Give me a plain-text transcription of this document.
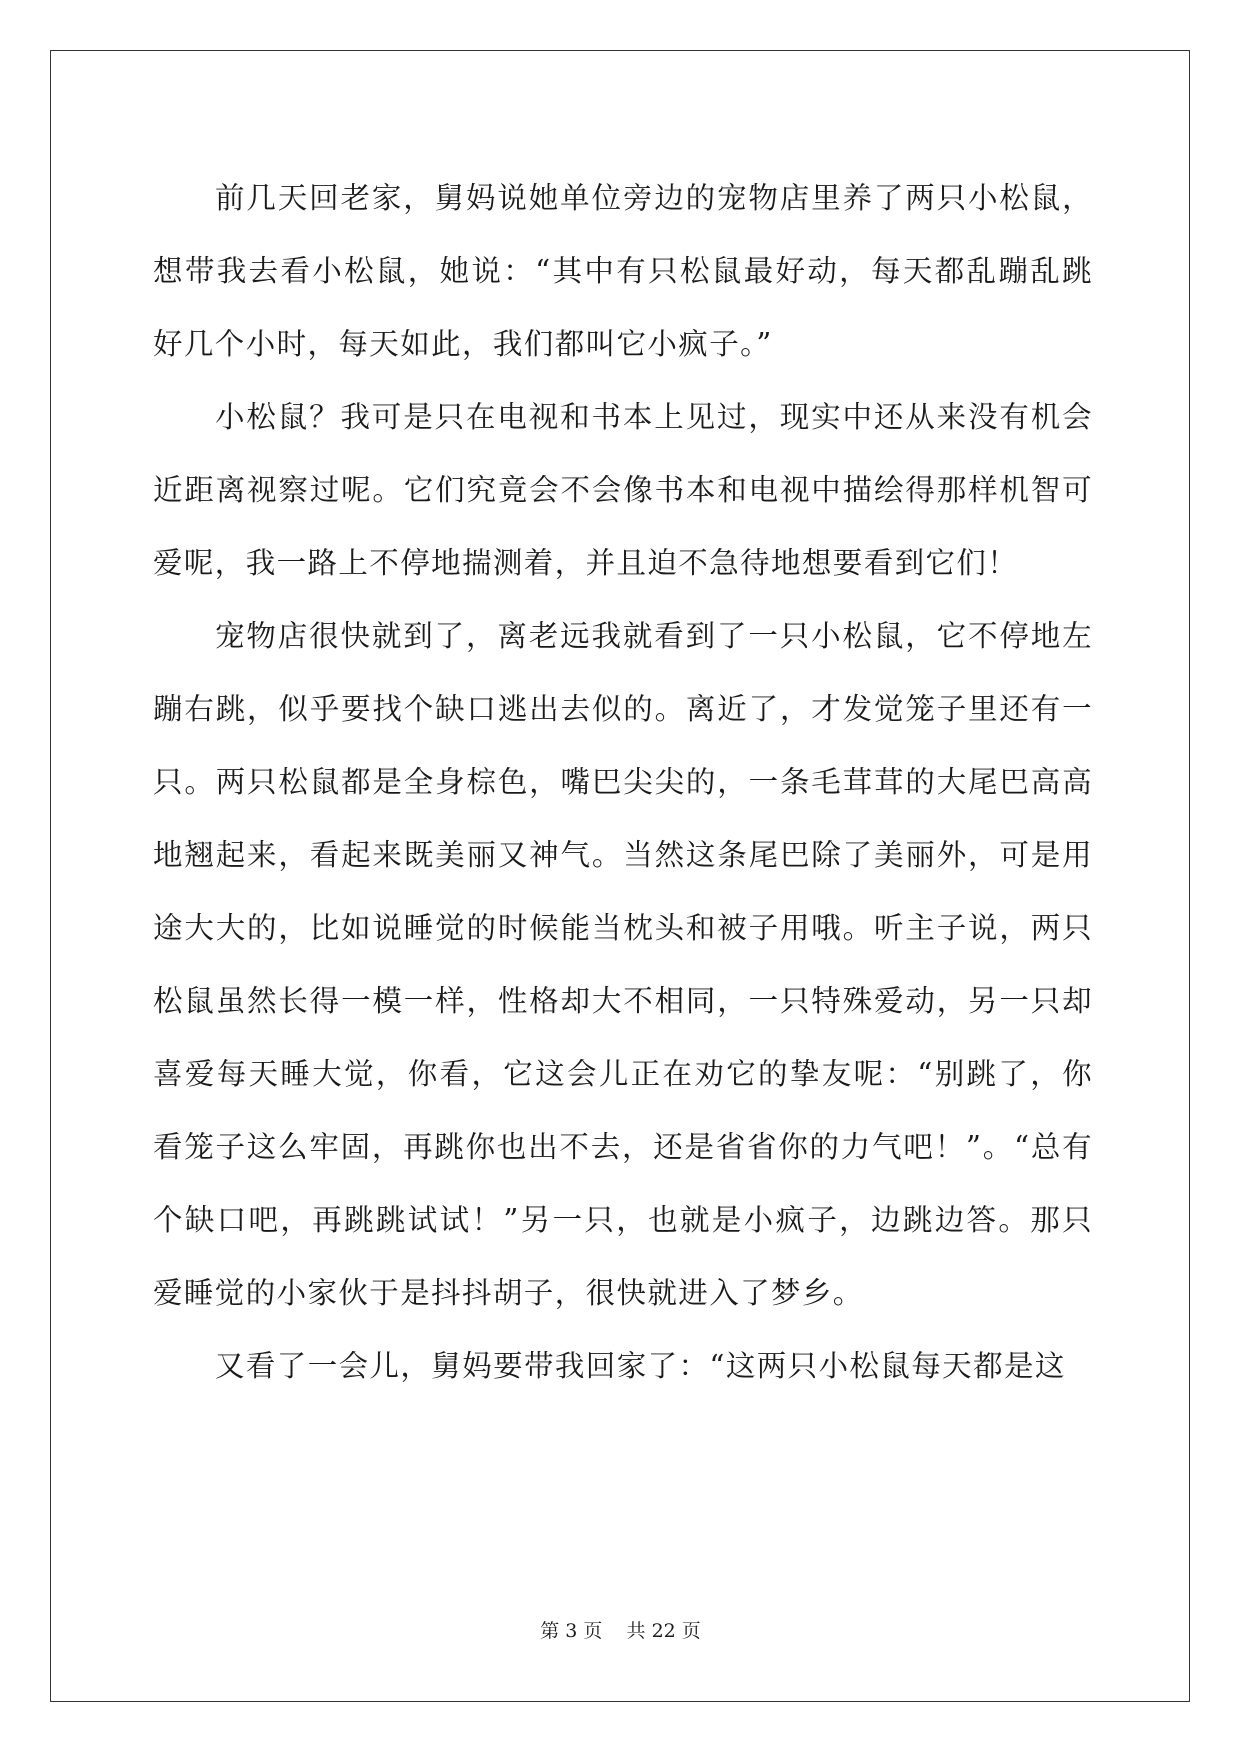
前几天回老家，舅妈说她单位旁边的宠物店里养了两只小松鼠，想带我去看小松鼠，她说：“其中有只松鼠最好动，每天都乱蹦乱跳好几个小时，每天如此，我们都叫它小疯子。”

小松鼠？我可是只在电视和书本上见过，现实中还从来没有机会近距离视察过呢。它们究竟会不会像书本和电视中描绘得那样机智可爱呢，我一路上不停地揣测着，并且迫不急待地想要看到它们！

宠物店很快就到了，离老远我就看到了一只小松鼠，它不停地左蹦右跳，似乎要找个缺口逃出去似的。离近了，才发觉笼子里还有一只。两只松鼠都是全身棕色，嘴巴尖尖的，一条毛茸茸的大尾巴高高地翘起来，看起来既美丽又神气。当然这条尾巴除了美丽外，可是用途大大的，比如说睡觉的时候能当枕头和被子用哦。听主子说，两只松鼠虽然长得一模一样，性格却大不相同，一只特殊爱动，另一只却喜爱每天睡大觉，你看，它这会儿正在劝它的挚友呢：“别跳了，你看笼子这么牢固，再跳你也出不去，还是省省你的力气吧！”。“总有个缺口吧，再跳跳试试！”另一只，也就是小疯子，边跳边答。那只爱睡觉的小家伙于是抖抖胡子，很快就进入了梦乡。

又看了一会儿，舅妈要带我回家了：“这两只小松鼠每天都是这

第 3 页    共 22 页
